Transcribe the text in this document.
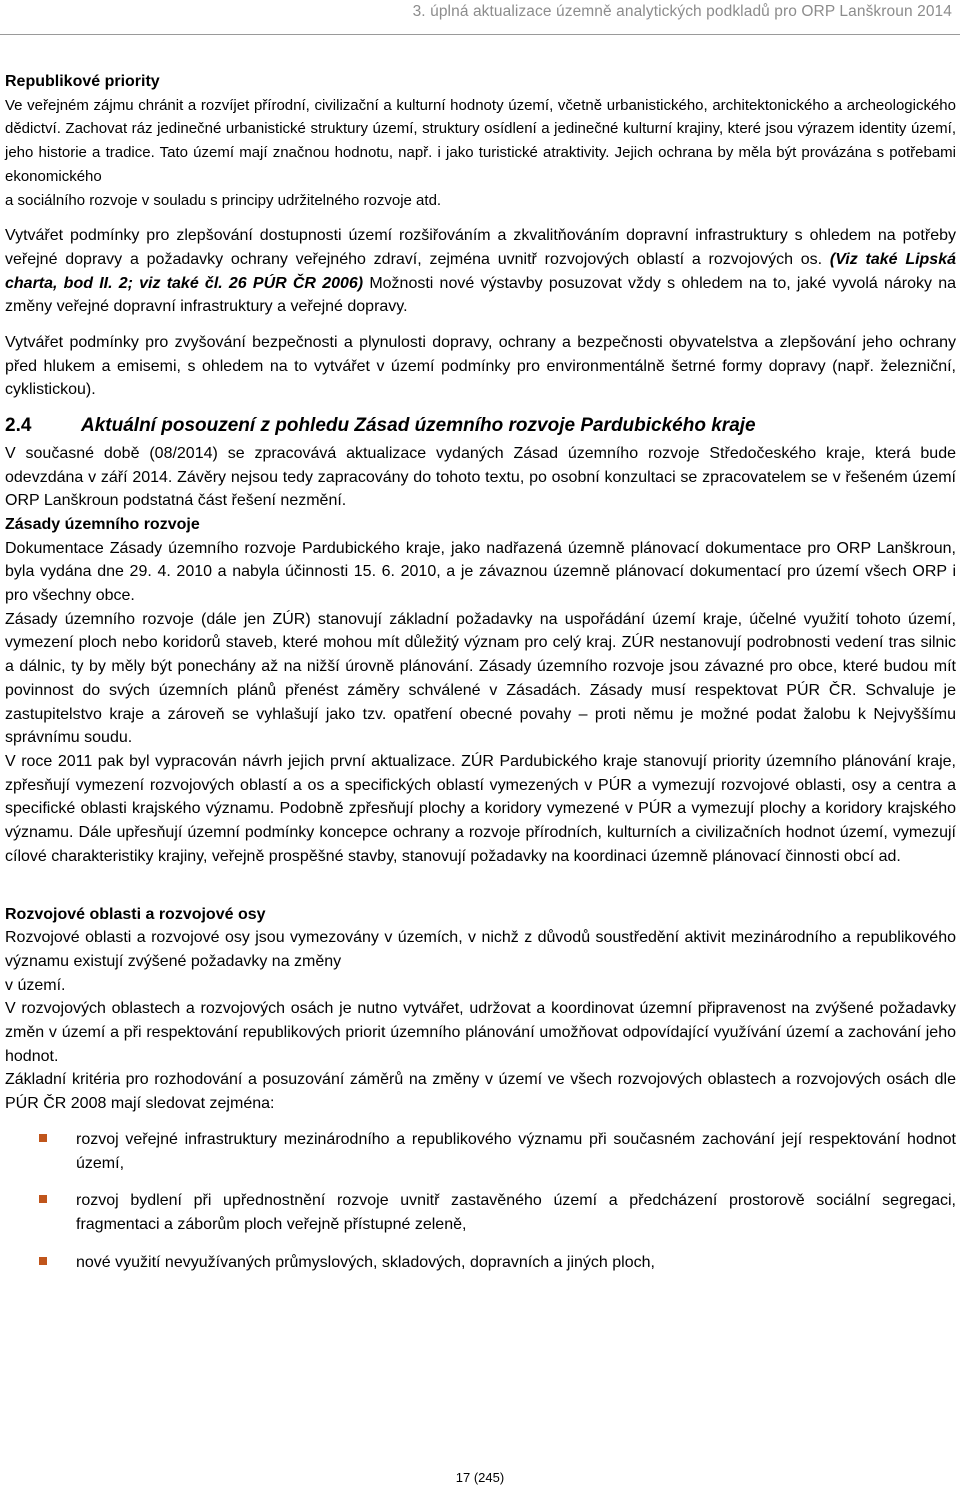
3. úplná aktualizace územně analytických podkladů pro ORP Lanškroun 2014

Republikové priority

Ve veřejném zájmu chránit a rozvíjet přírodní, civilizační a kulturní hodnoty území, včetně urbanistického, architektonického a archeologického dědictví. Zachovat ráz jedinečné urbanistické struktury území, struktury osídlení a jedinečné kulturní krajiny, které jsou výrazem identity území, jeho historie a tradice. Tato území mají značnou hodnotu, např. i jako turistické atraktivity. Jejich ochrana by měla být provázána s potřebami ekonomického
a sociálního rozvoje v souladu s principy udržitelného rozvoje atd.

Vytvářet podmínky pro zlepšování dostupnosti území rozšiřováním a zkvalitňováním dopravní infrastruktury s ohledem na potřeby veřejné dopravy a požadavky ochrany veřejného zdraví, zejména uvnitř rozvojových oblastí a rozvojových os. (Viz také Lipská charta, bod II. 2; viz také čl. 26 PÚR ČR 2006) Možnosti nové výstavby posuzovat vždy s ohledem na to, jaké vyvolá nároky na změny veřejné dopravní infrastruktury a veřejné dopravy.

Vytvářet podmínky pro zvyšování bezpečnosti a plynulosti dopravy, ochrany a bezpečnosti obyvatelstva a zlepšování jeho ochrany před hlukem a emisemi, s ohledem na to vytvářet v území podmínky pro environmentálně šetrné formy dopravy (např. železniční, cyklistickou).

2.4	Aktuální posouzení z pohledu Zásad územního rozvoje Pardubického kraje

V současné době (08/2014) se zpracovává aktualizace vydaných Zásad územního rozvoje Středočeského kraje, která bude odevzdána v září 2014. Závěry nejsou tedy zapracovány do tohoto textu, po osobní konzultaci se zpracovatelem se v řešeném území ORP Lanškroun podstatná část řešení nezmění.

Zásady územního rozvoje

Dokumentace Zásady územního rozvoje Pardubického kraje, jako nadřazená územně plánovací dokumentace pro ORP Lanškroun, byla vydána dne 29. 4. 2010 a nabyla účinnosti 15. 6. 2010, a je závaznou územně plánovací dokumentací pro území všech ORP i pro všechny obce.

Zásady územního rozvoje (dále jen ZÚR) stanovují základní požadavky na uspořádání území kraje, účelné využití tohoto území, vymezení ploch nebo koridorů staveb, které mohou mít důležitý význam pro celý kraj. ZÚR nestanovují podrobnosti vedení tras silnic a dálnic, ty by měly být ponechány až na nižší úrovně plánování. Zásady územního rozvoje jsou závazné pro obce, které budou mít povinnost do svých územních plánů přenést záměry schválené v Zásadách. Zásady musí respektovat PÚR ČR. Schvaluje je zastupitelstvo kraje a zároveň se vyhlašují jako tzv. opatření obecné povahy – proti němu je možné podat žalobu k Nejvyššímu správnímu soudu.

V roce 2011 pak byl vypracován návrh jejich první aktualizace. ZÚR Pardubického kraje stanovují priority územního plánování kraje, zpřesňují vymezení rozvojových oblastí a os a specifických oblastí vymezených v PÚR a vymezují rozvojové oblasti, osy a centra a specifické oblasti krajského významu. Podobně zpřesňují plochy a koridory vymezené v PÚR a vymezují plochy a koridory krajského významu. Dále upřesňují územní podmínky koncepce ochrany a rozvoje přírodních, kulturních a civilizačních hodnot území, vymezují cílové charakteristiky krajiny, veřejně prospěšné stavby, stanovují požadavky na koordinaci územně plánovací činnosti obcí ad.

Rozvojové oblasti a rozvojové osy

Rozvojové oblasti a rozvojové osy jsou vymezovány v územích, v nichž z důvodů soustředění aktivit mezinárodního a republikového významu existují zvýšené požadavky na změny
v území.

V rozvojových oblastech a rozvojových osách je nutno vytvářet, udržovat a koordinovat územní připravenost na zvýšené požadavky změn v území a při respektování republikových priorit územního plánování umožňovat odpovídající využívání území a zachování jeho hodnot.

Základní kritéria pro rozhodování a posuzování záměrů na změny v území ve všech rozvojových oblastech a rozvojových osách dle PÚR ČR 2008 mají sledovat zejména:

rozvoj veřejné infrastruktury mezinárodního a republikového významu při současném zachování její respektování hodnot území,
rozvoj bydlení při upřednostnění rozvoje uvnitř zastavěného území a předcházení prostorově sociální segregaci, fragmentaci a záborům ploch veřejně přístupné zeleně,
nové využití nevyužívaných průmyslových, skladových, dopravních a jiných ploch,
17 (245)
